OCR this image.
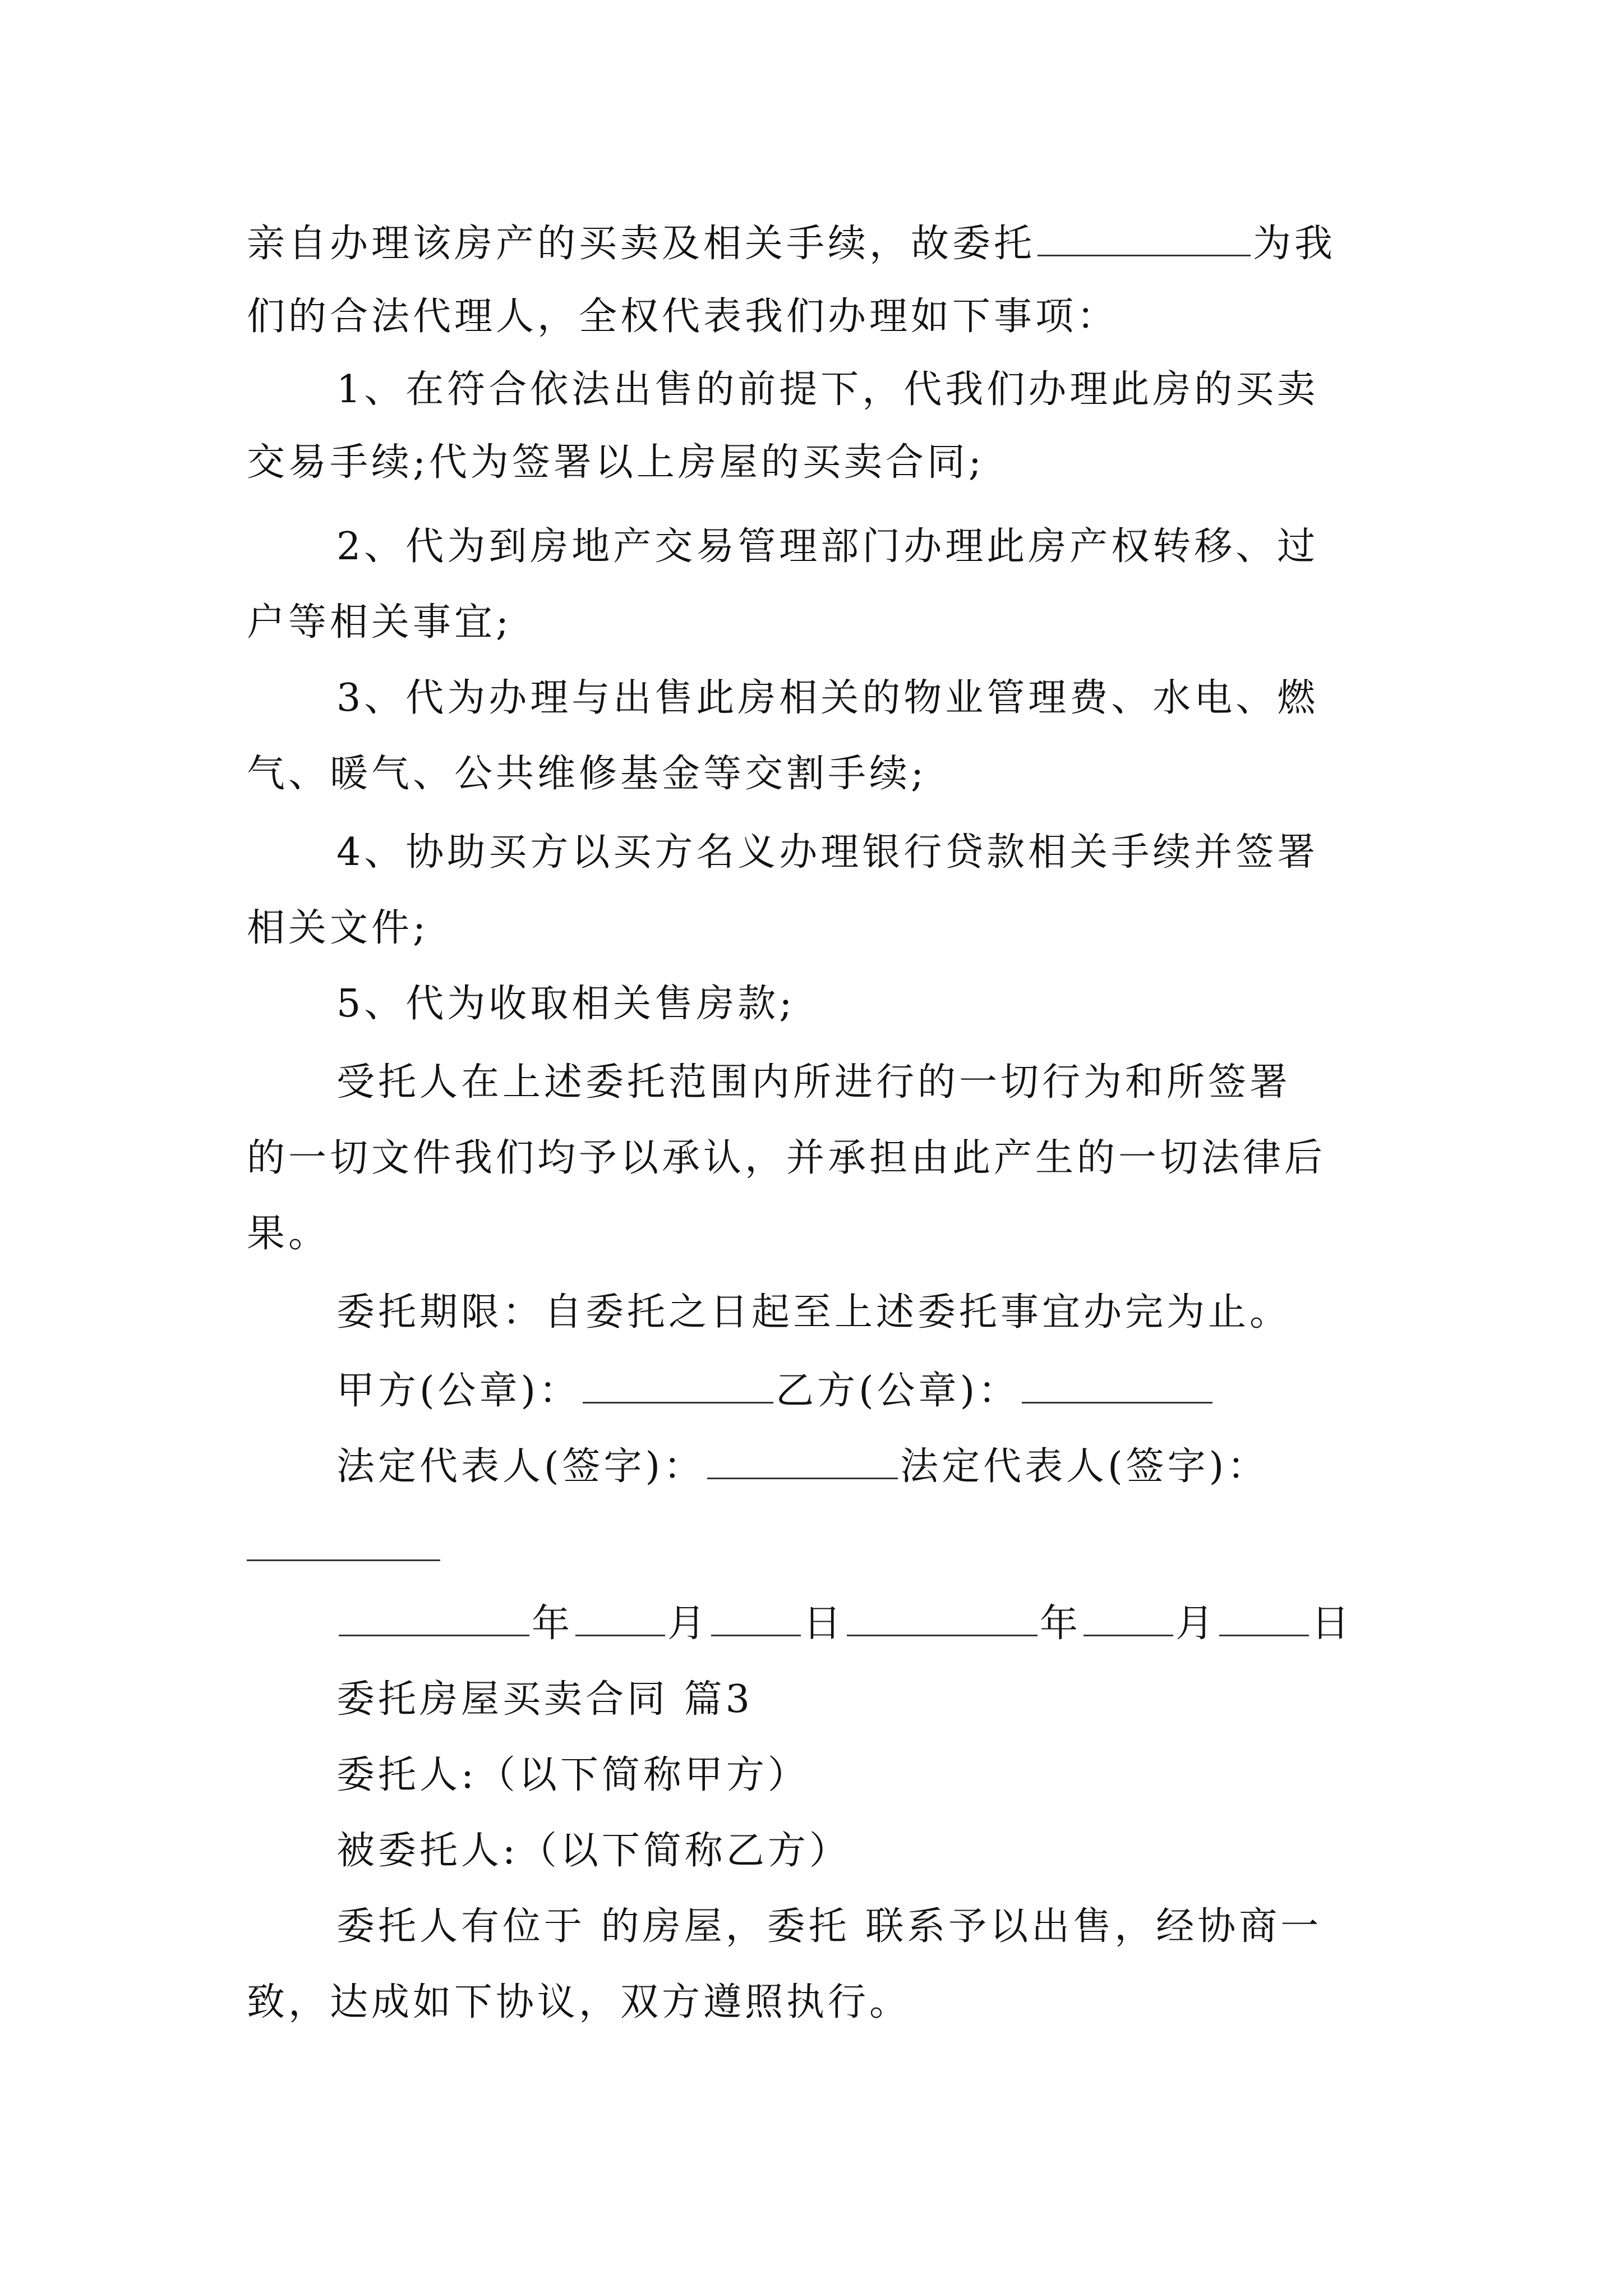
亲自办理该房产的买卖及相关手续，故委托	为我
们的合法代理人，全权代表我们办理如下事项：
1、在符合依法出售的前提下，代我们办理此房的买卖
交易手续;代为签署以上房屋的买卖合同;
2、代为到房地产交易管理部门办理此房产权转移、过
户等相关事宜;
3、代为办理与出售此房相关的物业管理费、水电、燃
气、暖气、公共维修基金等交割手续;
4、协助买方以买方名义办理银行贷款相关手续并签署
相关文件;
5、代为收取相关售房款;
受托人在上述委托范围内所进行的一切行为和所签署
的一切文件我们均予以承认，并承担由此产生的一切法律后
果。
委托期限：自委托之日起至上述委托事宜办完为止。
甲方(公章)：	乙方(公章)：
法定代表人(签字)：	法定代表人(签字)：
年 月 日	年 月 日
委托房屋买卖合同 篇3
委托人:（以下简称甲方）
被委托人:（以下简称乙方）
委托人有位于 的房屋，委托 联系予以出售，经协商一
致，达成如下协议，双方遵照执行。
